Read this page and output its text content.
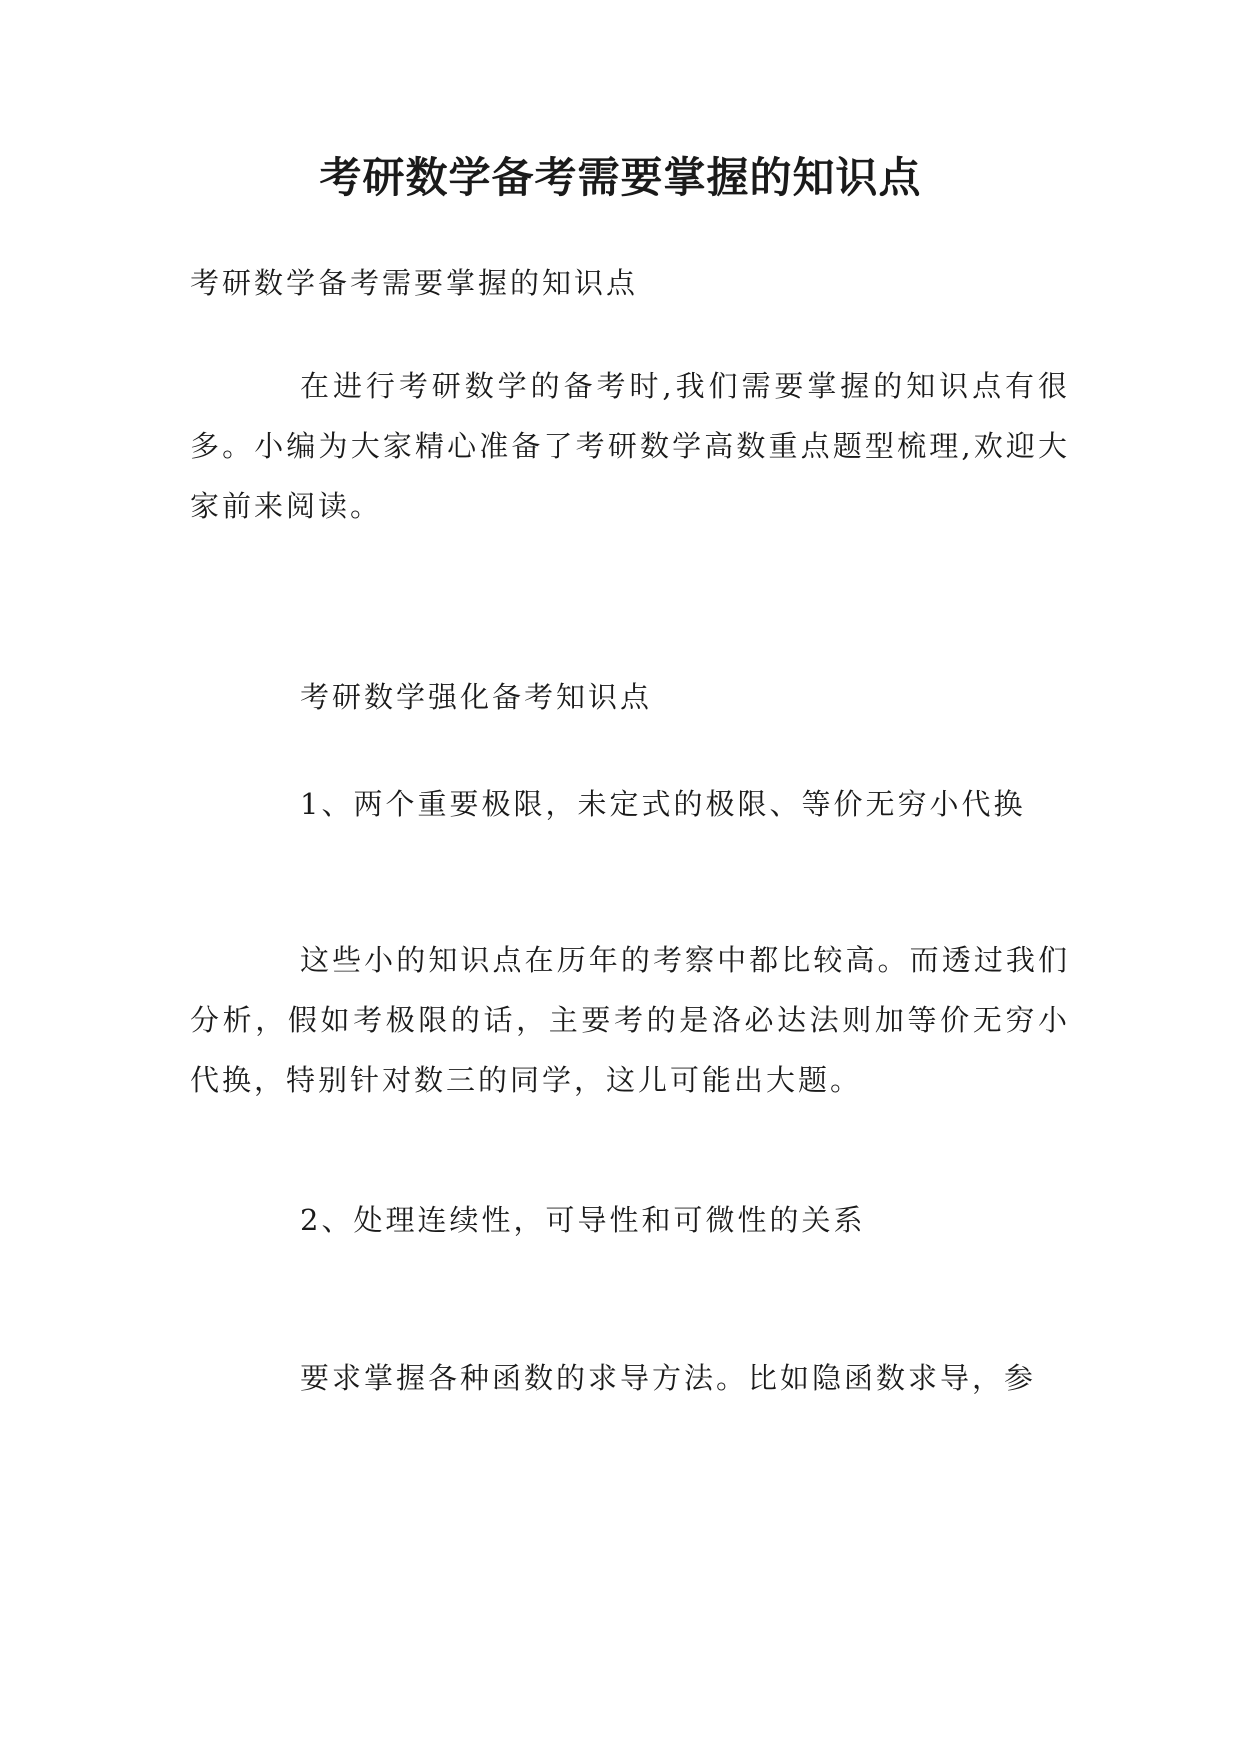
考研数学备考需要掌握的知识点
考研数学备考需要掌握的知识点
在进行考研数学的备考时,我们需要掌握的知识点有很多。小编为大家精心准备了考研数学高数重点题型梳理,欢迎大家前来阅读。
考研数学强化备考知识点
1、两个重要极限，未定式的极限、等价无穷小代换
这些小的知识点在历年的考察中都比较高。而透过我们分析，假如考极限的话，主要考的是洛必达法则加等价无穷小代换，特别针对数三的同学，这儿可能出大题。
2、处理连续性，可导性和可微性的关系
要求掌握各种函数的求导方法。比如隐函数求导，参
